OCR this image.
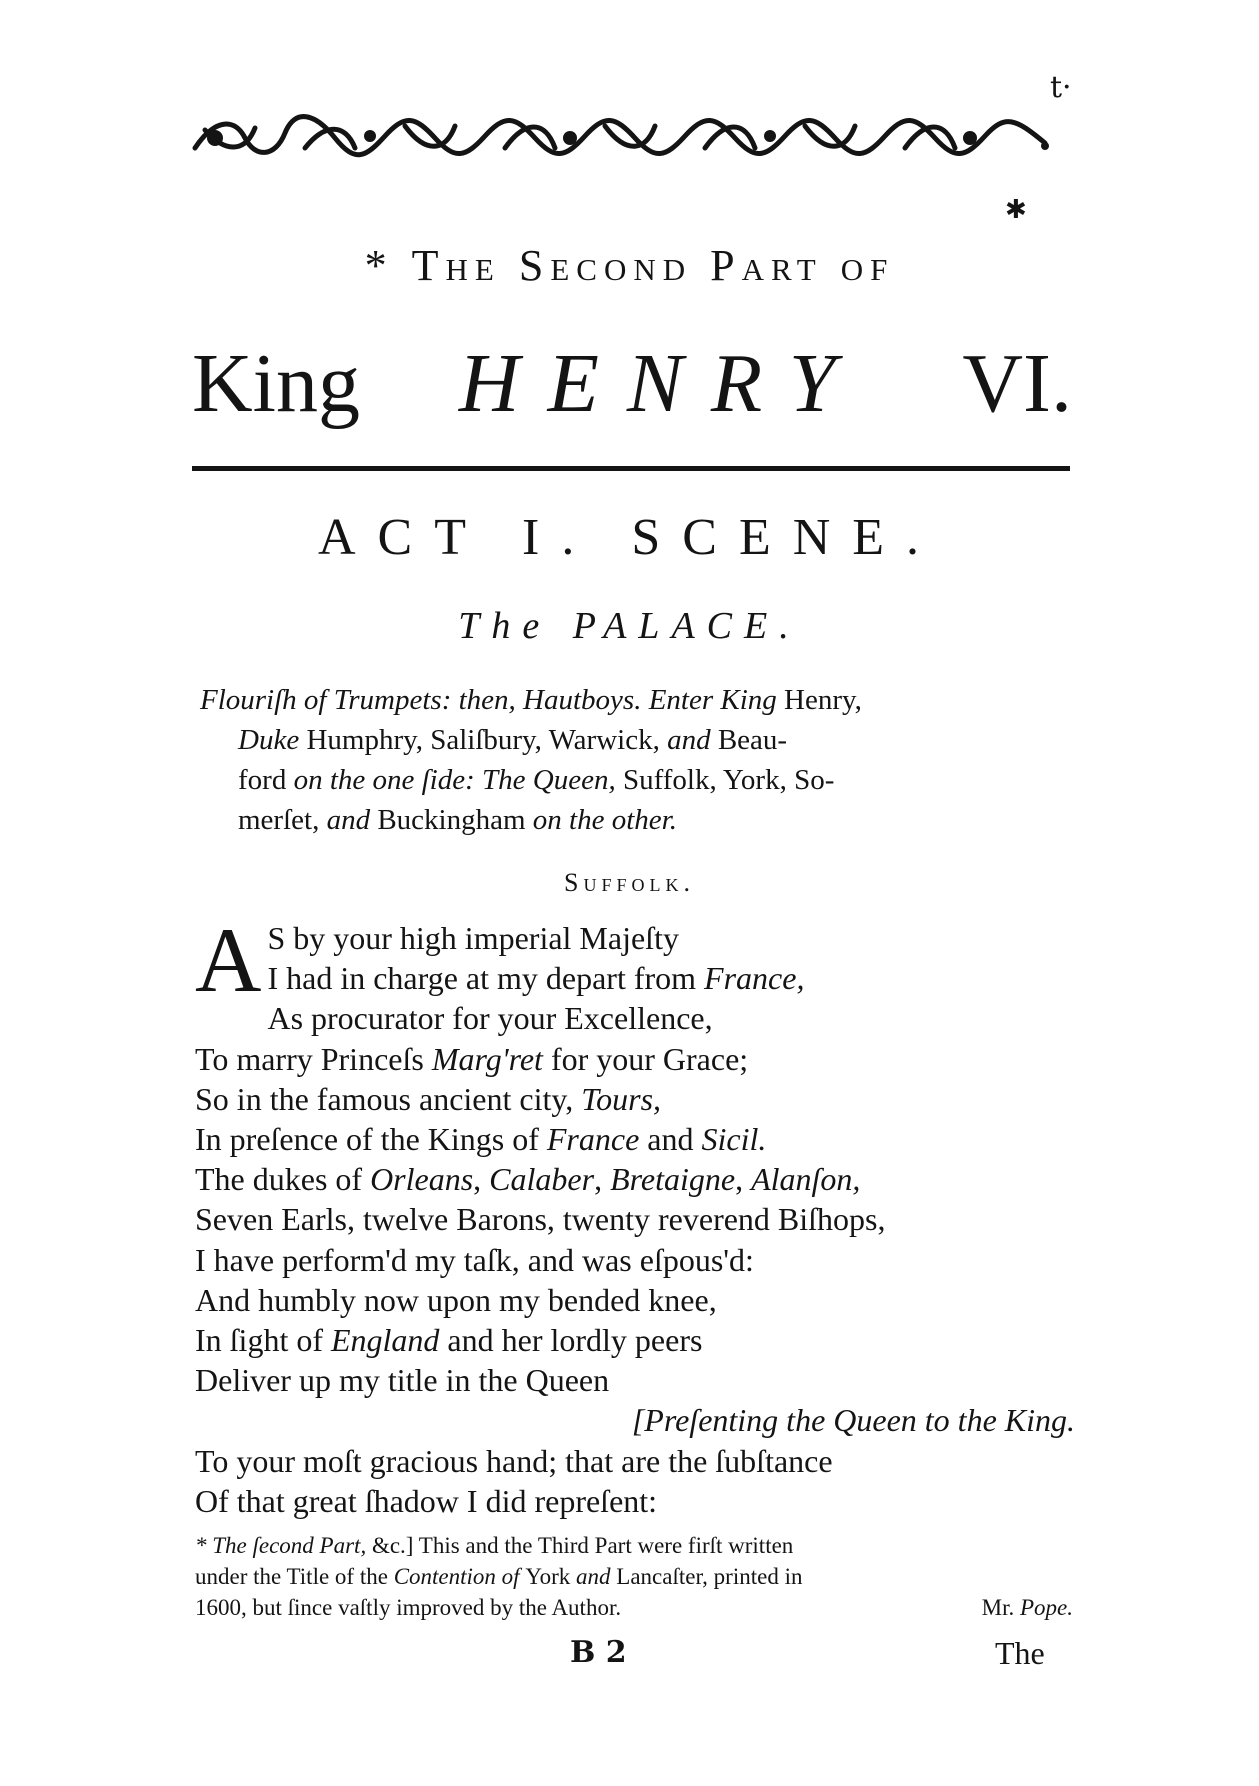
t·
✱
* The Second Part of
King HENRY VI.
ACT I. SCENE.
The PALACE.
Flouriſh of Trumpets: then, Hautboys. Enter King Henry,
Duke Humphry, Saliſbury, Warwick, and Beau-
ford on the one ſide: The Queen, Suffolk, York, So-
merſet, and Buckingham on the other.
Suffolk.
A S by your high imperial Majeſty
I had in charge at my depart from France,
As procurator for your Excellence,
To marry Princeſs Marg'ret for your Grace;
So in the famous ancient city, Tours,
In preſence of the Kings of France and Sicil.
The dukes of Orleans, Calaber, Bretaigne, Alanſon,
Seven Earls, twelve Barons, twenty reverend Biſhops,
I have perform'd my taſk, and was eſpous'd:
And humbly now upon my bended knee,
In ſight of England and her lordly peers
Deliver up my title in the Queen
[Preſenting the Queen to the King.
To your moſt gracious hand; that are the ſubſtance
Of that great ſhadow I did repreſent:
* The ſecond Part, &c.] This and the Third Part were firſt written
under the Title of the Contention of York and Lancaſter, printed in
1600, but ſince vaſtly improved by the Author.	Mr. Pope.
B 2	The
